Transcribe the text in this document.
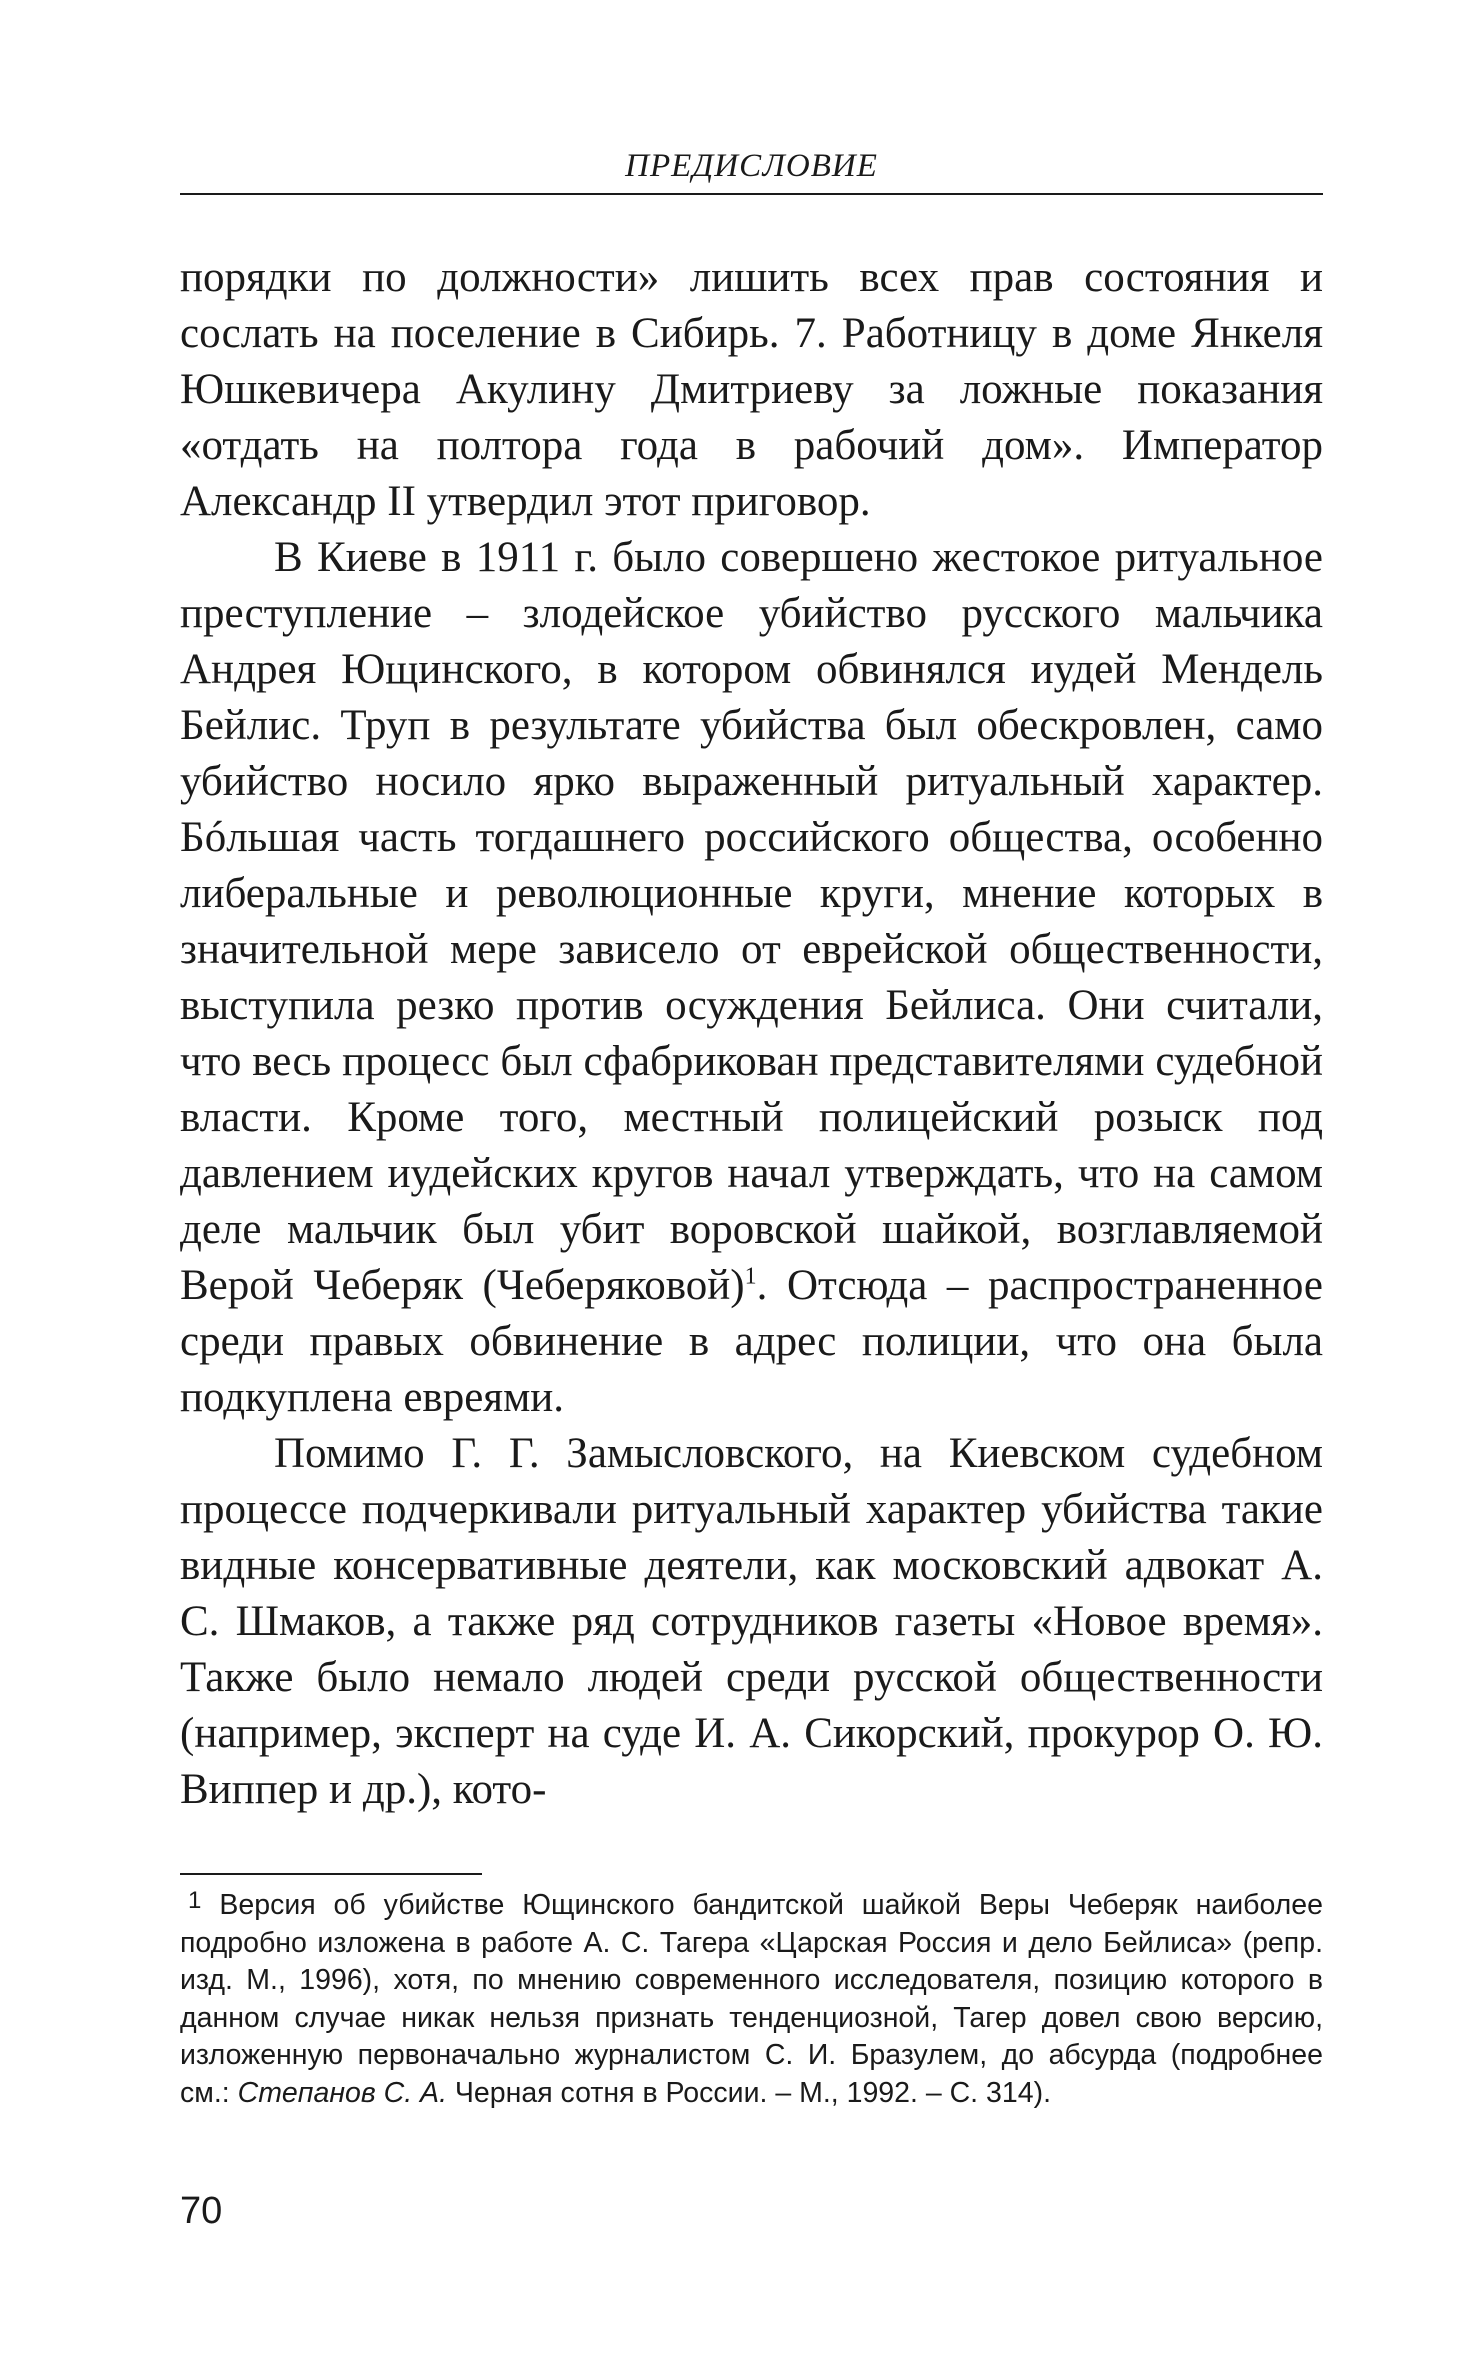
ПРЕДИСЛОВИЕ

порядки по должности» лишить всех прав состояния и сослать на поселение в Сибирь. 7. Работницу в доме Янкеля Юшкевичера Акулину Дмитриеву за ложные показания «отдать на полтора года в рабочий дом». Император Александр II утвердил этот приговор.

В Киеве в 1911 г. было совершено жестокое ритуальное преступление – злодейское убийство русского мальчика Андрея Ющинского, в котором обвинялся иудей Мендель Бейлис. Труп в результате убийства был обескровлен, само убийство носило ярко выраженный ритуальный характер. Бóльшая часть тогдашнего российского общества, особенно либеральные и революционные круги, мнение которых в значительной мере зависело от еврейской общественности, выступила резко против осуждения Бейлиса. Они считали, что весь процесс был сфабрикован представителями судебной власти. Кроме того, местный полицейский розыск под давлением иудейских кругов начал утверждать, что на самом деле мальчик был убит воровской шайкой, возглавляемой Верой Чеберяк (Чеберяковой)$^1$. Отсюда – распространенное среди правых обвинение в адрес полиции, что она была подкуплена евреями.

Помимо Г. Г. Замысловского, на Киевском судебном процессе подчеркивали ритуальный характер убийства такие видные консервативные деятели, как московский адвокат А. С. Шмаков, а также ряд сотрудников газеты «Новое время». Также было немало людей среди русской общественности (например, эксперт на суде И. А. Сикорский, прокурор О. Ю. Виппер и др.), кото-

$^1$ Версия об убийстве Ющинского бандитской шайкой Веры Чеберяк наиболее подробно изложена в работе А. С. Тагера «Царская Россия и дело Бейлиса» (репр. изд. М., 1996), хотя, по мнению современного исследователя, позицию которого в данном случае никак нельзя признать тенденциозной, Тагер довел свою версию, изложенную первоначально журналистом С. И. Бразулем, до абсурда (подробнее см.: Степанов С. А. Черная сотня в России. – М., 1992. – С. 314).

70
